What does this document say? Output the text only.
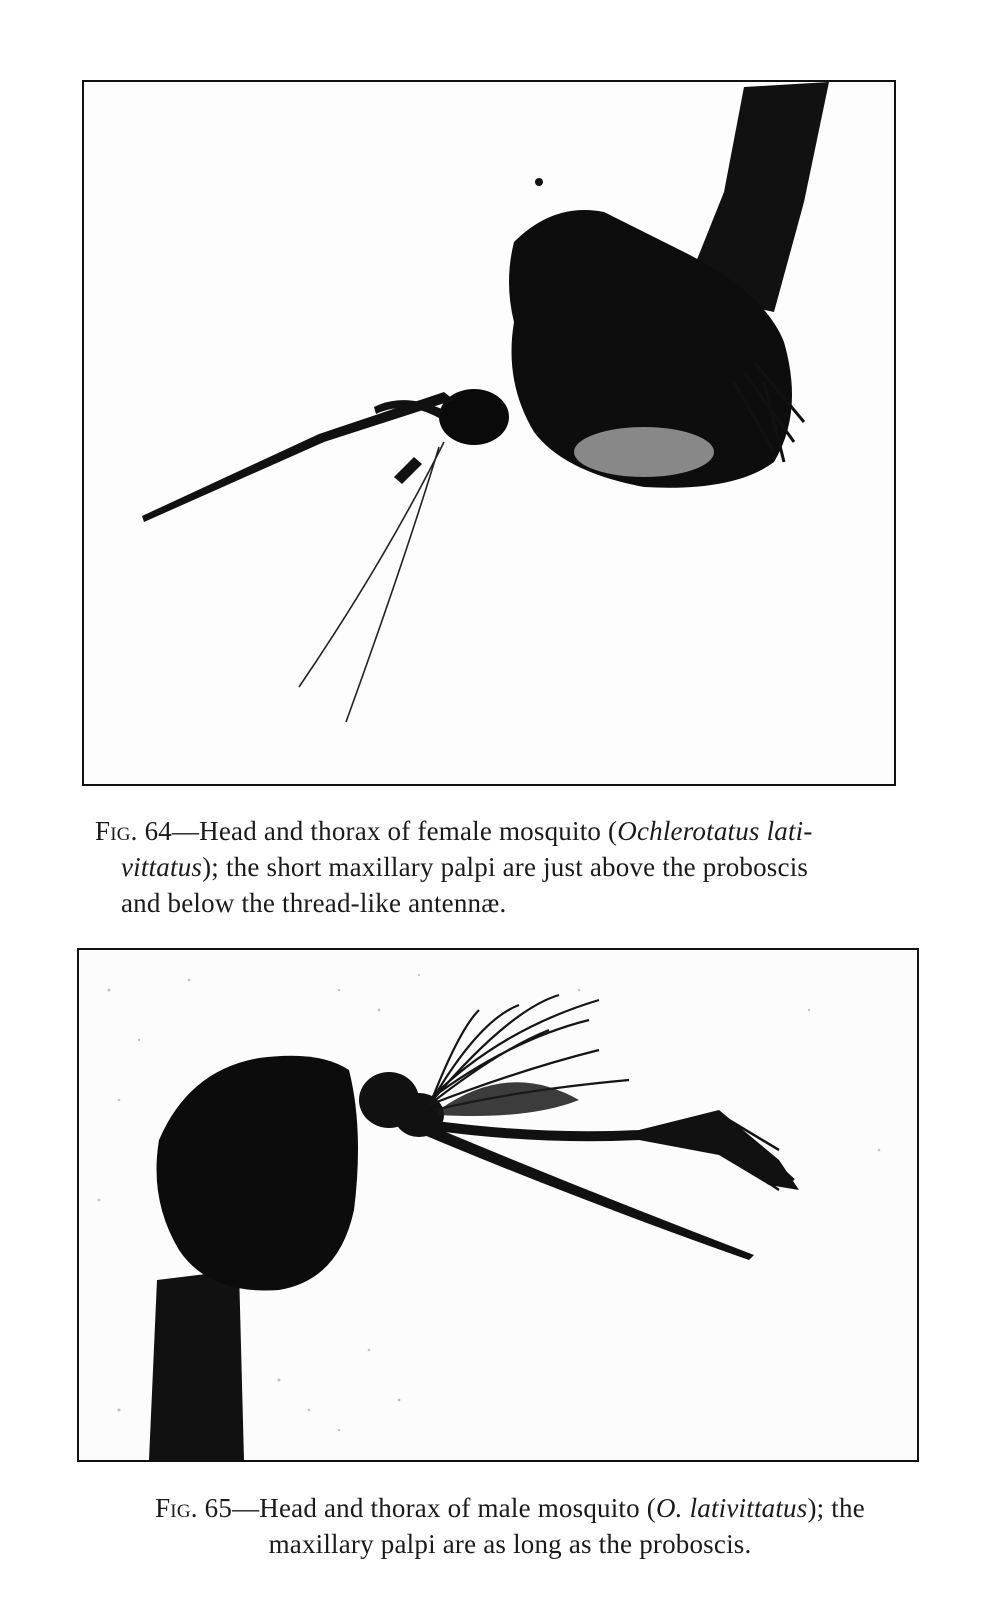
Fig. 64—Head and thorax of female mosquito (Ochlerotatus lati-
vittatus); the short maxillary palpi are just above the proboscis
and below the thread-like antennæ.
Fig. 65—Head and thorax of male mosquito (O. lativittatus); the
maxillary palpi are as long as the proboscis.
